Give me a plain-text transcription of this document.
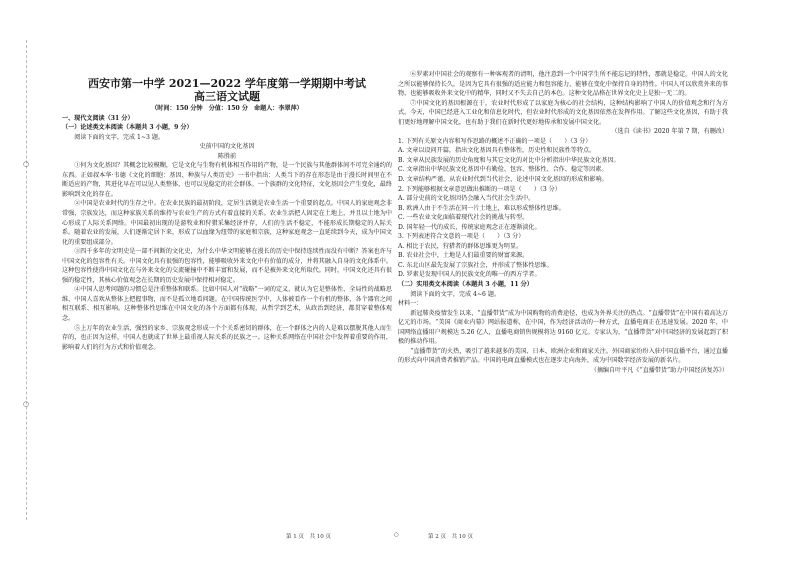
○
○
西安市第一中学 2021—2022 学年度第一学期期中考试
高三语文试题
（时间：150 分钟　分值：150 分　命题人：李翠萍）

一、现代文阅读（31 分）

（一）论述类文本阅读（本题共 3 小题，9 分）

阅读下面的文字，完成 1~3 题。

史前中国的文化基因

陈胜前

①何为文化基因？其概念比较模糊，它是文化与生物有机体相互作用的产物，是一个民族与其他群体间不可完全通约的东西。正如叔本华·韦德《文化的细胞：基因、种族与人类历史》一书中指出：人类当下的存在形态是由于漫长时间里在不断适应的产物，其进化早在可以见人类整体，也可以见稳定的社会群体。一个族群的文化特征，文化基因会产生变化，最终影响到文化的存在。

②中国是农业时代的生存之中。在农业民族的最初阶段，定居生活就是农业生活一个重要的起点。中国人的家庭观念非常强，宗族发达，而这种家族关系的维持与农业生产的方式有着直接的关系。农业生活把人固定在土地上，并且以土地为中心形成了人际关系网络。中国最初出现的是游牧业和狩猎采集经济并存，人们的生活不稳定，不能形成长期稳定的人际关系。随着农业的发展，人们逐渐定居下来，形成了以血缘为纽带的家庭和宗族，这种家庭观念一直延续到今天，成为中国文化的重要组成部分。

③四千多年的文明史是一部不间断的文化史，为什么中华文明能够在漫长的历史中保持连续性而没有中断？答案也许与中国文化的包容性有关。中国文化具有很强的包容性，能够吸收外来文化中有价值的成分，并将其融入自身的文化体系中。这种包容性使得中国文化在与外来文化的交流碰撞中不断丰富和发展，而不是被外来文化所取代。同时，中国文化还具有很强的稳定性，其核心价值观念在长期的历史发展中保持相对稳定。

④中国人思考问题的习惯总是注重整体和联系。比如中国人对“战略”一词的定义，就认为它是整体性、全局性的战略思维，中国人喜欢从整体上把握事物，而不是孤立地看问题。在中国传统医学中，人体被看作一个有机的整体，各个器官之间相互联系、相互影响。这种整体性思维在中国文化的各个方面都有体现，从哲学到艺术，从政治到经济，都贯穿着整体观念。

⑤上万年的农业生活，强烈的家乡、宗族观念形成一个个关系密切的群体，在一个群体之内的人是难以摆脱其他人而生存的，也正因为这样，中国人也就成了世界上最重视人际关系的民族之一。这种关系网络在中国社会中发挥着重要的作用，影响着人们的行为方式和价值观念。

⑥罗素对中国社会的观察有一种客观者的清明，他注意到一个中国学生所不能忘记的特性，那就是稳定。中国人的文化之所以能够保持长久，是因为它具有很强的适应能力和包容能力，能够在变化中保持自身的特性。中国人可以欣赏外来的事物，也能够吸收外来文化中的精华，同时又不失去自己的本色。这种文化品格在世界文化史上是独一无二的。

⑦中国文化的基因根源在于，农业时代形成了以家庭为核心的社会结构，这种结构影响了中国人的价值观念和行为方式。今天，中国已经进入工业化和信息化时代，但农业时代形成的文化基因依然在发挥作用。了解这些文化基因，有助于我们更好地理解中国文化，也有助于我们在新时代更好地传承和发展中国文化。

（选自《读书》2020 年第 7 期，有删改）

1. 下列有关原文内容和写作思路的概述不正确的一项是（　　）（3 分）

A. 文章以设问开篇，指出文化基因具有整体性，历史性和民族性等特点。

B. 文章从民族发展的历史角度和与其它文化的对比中分析指出中华民族文化基因。

C. 文章指出中华民族文化基因中有勤俭、包容、整体性、合作、稳定等因素。

D. 文章结构严谨，从农业时代到当代社会，论述中国文化基因的形成和影响。

2. 下列能够根据文章意思做出推断的一项是（　　）（3 分）

A. 部分史前的文化基因仍会融入当代社会生活中。

B. 欧洲人由于不生活在同一片土地上，难以形成整体性思维。

C. 一些农业文化面临着现代社会的挑战与转型。

D. 国年轻一代的成长，传统家庭观念正在逐渐淡化。

3. 下列表述符合文意的一项是（　　）（3 分）

A. 相比于农民，狩猎者的群体思维更为明显。

B. 农业社会中，土地是人们最重要的财富来源。

C. 东北山区最先发展了宗族社会，并形成了整体性思维。

D. 罗素是发现中国人的民族文化的唯一的西方学者。

（二）实用类文本阅读（本题共 3 小题，11 分）

阅读下面的文字，完成 4~6 题。

材料一：

新冠肺炎疫情发生以来，“直播带货”成为中国购物的消费途径，也成为外界关注的热点。“直播带货”在中国有着高达万亿元的市场。“美国《商业内幕》网站报道称，在中国，作为经济活动的一种方式，直播电商正在迅速发展。2020 年，中国网络直播用户规模达 5.26 亿人，直播电商销售规模将达 9160 亿元。专家认为，“直播带货”对中国经济的发展起到了积极的推动作用。

“直播带货”的火热，吸引了越来越多的美国、日本、欧洲企业和商家关注。外国商家纷纷入驻中国直播平台，通过直播的形式向中国消费者推销产品。中国的电商直播模式也在逐步走向海外，成为中国数字经济发展的新名片。

（摘编自叶平凡《“直播带货”助力中国经济复苏》）

第 1 页　共 10 页	○	第 2 页　共 10 页
